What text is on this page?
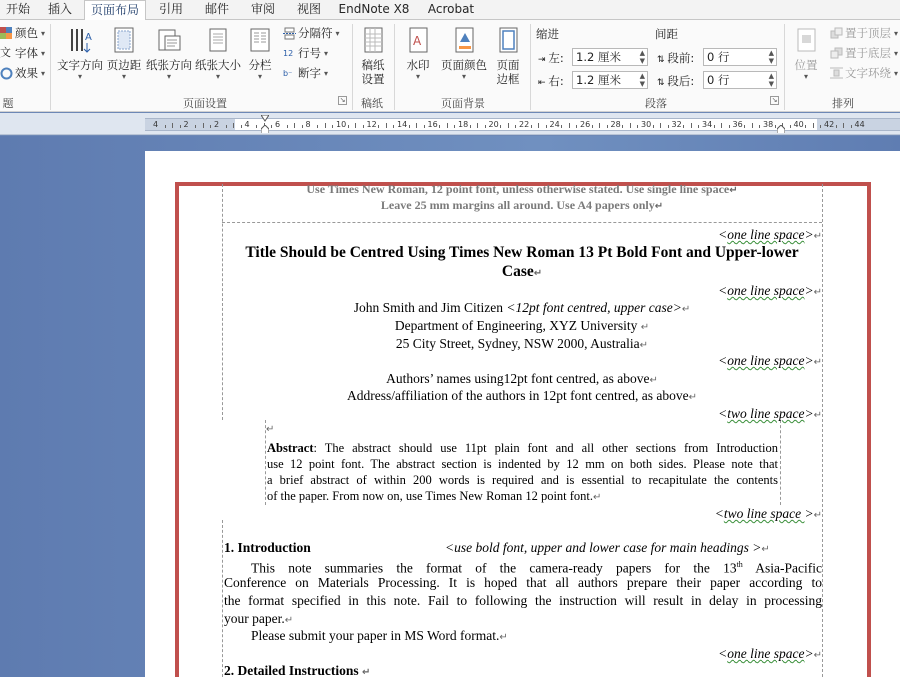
开始	插入	页面布局	引用	邮件	审阅	视图	EndNote X8	Acrobat
颜色 ▾
文 字体 ▾
效果 ▾
题
A
文字方向
▾
页边距
▾
纸张方向
▾
纸张大小
▾
分栏
▾
分隔符 ▾
12 行号 ▾
b⁻ 断字 ▾
页面设置	↘
稿纸
设置
稿纸
A
水印
▾
页面颜色
▾
页面
边框
页面背景
缩进
⇥ 左:	1.2 厘米	▲
▼
⇤ 右:	1.2 厘米	▲
▼
间距
⇅ 段前:	0 行	▲
▼
⇅ 段后:	0 行	▲
▼
段落	↘
位置
▾
置于顶层 ▾
置于底层 ▾
文字环绕 ▾
排列
4	2	2	4	6	8	10	12	14	16	18	20	22	24	26	28	30	32	34	36	38	40	42	44
Use Times New Roman, 12 point font, unless otherwise stated. Use single line space↵
Leave 25 mm margins all around. Use A4 papers only↵
<one line space>↵
Title Should be Centred Using Times New Roman 13 Pt Bold Font and Upper-lower
Case↵
<one line space>↵
John Smith and Jim Citizen <12pt font centred, upper case>↵
Department of Engineering, XYZ University ↵
25 City Street, Sydney, NSW 2000, Australia↵
<one line space>↵
Authors’ names using12pt font centred, as above↵
Address/affiliation of the authors in 12pt font centred, as above↵
<two line space>↵
↵
Abstract: The abstract should use 11pt plain font and all other sections from Introduction
use 12 point font. The abstract section is indented by 12 mm on both sides. Please note that
a brief abstract of within 200 words is required and is essential to recapitulate the contents
of the paper. From now on, use Times New Roman 12 point font.↵
<two line space >↵
1. Introduction	<use bold font, upper and lower case for main headings >↵
This note summaries the format of the camera-ready papers for the 13th Asia-Pacific
Conference on Materials Processing. It is hoped that all authors prepare their paper according to
the format specified in this note. Fail to following the instruction will result in delay in processing
your paper.↵
Please submit your paper in MS Word format.↵
<one line space>↵
2. Detailed Instructions ↵
